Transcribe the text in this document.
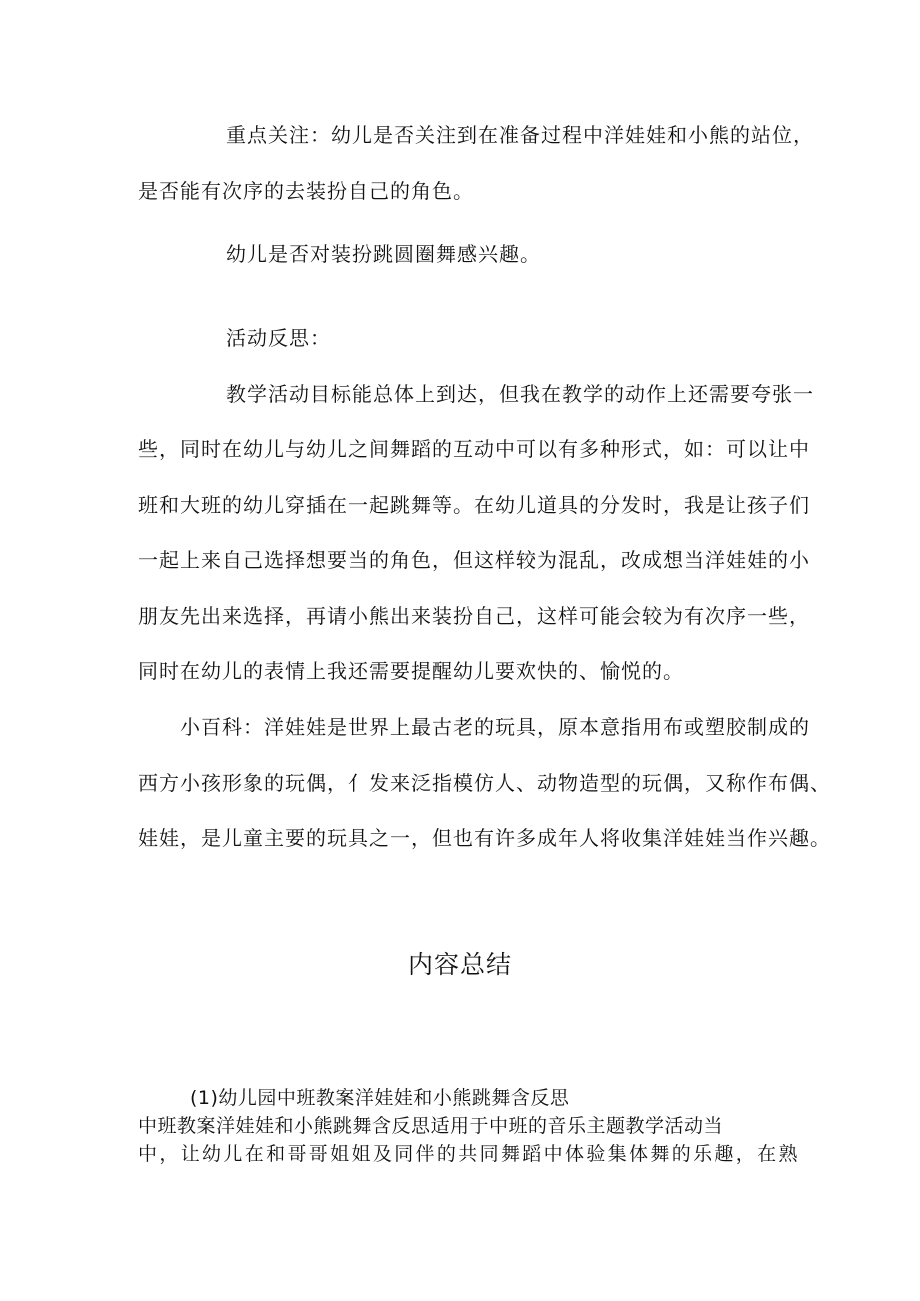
重点关注：幼儿是否关注到在准备过程中洋娃娃和小熊的站位，
是否能有次序的去装扮自己的角色。
幼儿是否对装扮跳圆圈舞感兴趣。
活动反思：
教学活动目标能总体上到达，但我在教学的动作上还需要夸张一
些，同时在幼儿与幼儿之间舞蹈的互动中可以有多种形式，如：可以让中
班和大班的幼儿穿插在一起跳舞等。在幼儿道具的分发时，我是让孩子们
一起上来自己选择想要当的角色，但这样较为混乱，改成想当洋娃娃的小
朋友先出来选择，再请小熊出来装扮自己，这样可能会较为有次序一些，
同时在幼儿的表情上我还需要提醒幼儿要欢快的、愉悦的。
小百科：洋娃娃是世界上最古老的玩具，原本意指用布或塑胶制成的
西方小孩形象的玩偶，亻发来泛指模仿人、动物造型的玩偶，又称作布偶、
娃娃，是儿童主要的玩具之一，但也有许多成年人将收集洋娃娃当作兴趣。
内容总结
(1)幼儿园中班教案洋娃娃和小熊跳舞含反思
中班教案洋娃娃和小熊跳舞含反思适用于中班的音乐主题教学活动当
中，让幼儿在和哥哥姐姐及同伴的共同舞蹈中体验集体舞的乐趣，在熟
